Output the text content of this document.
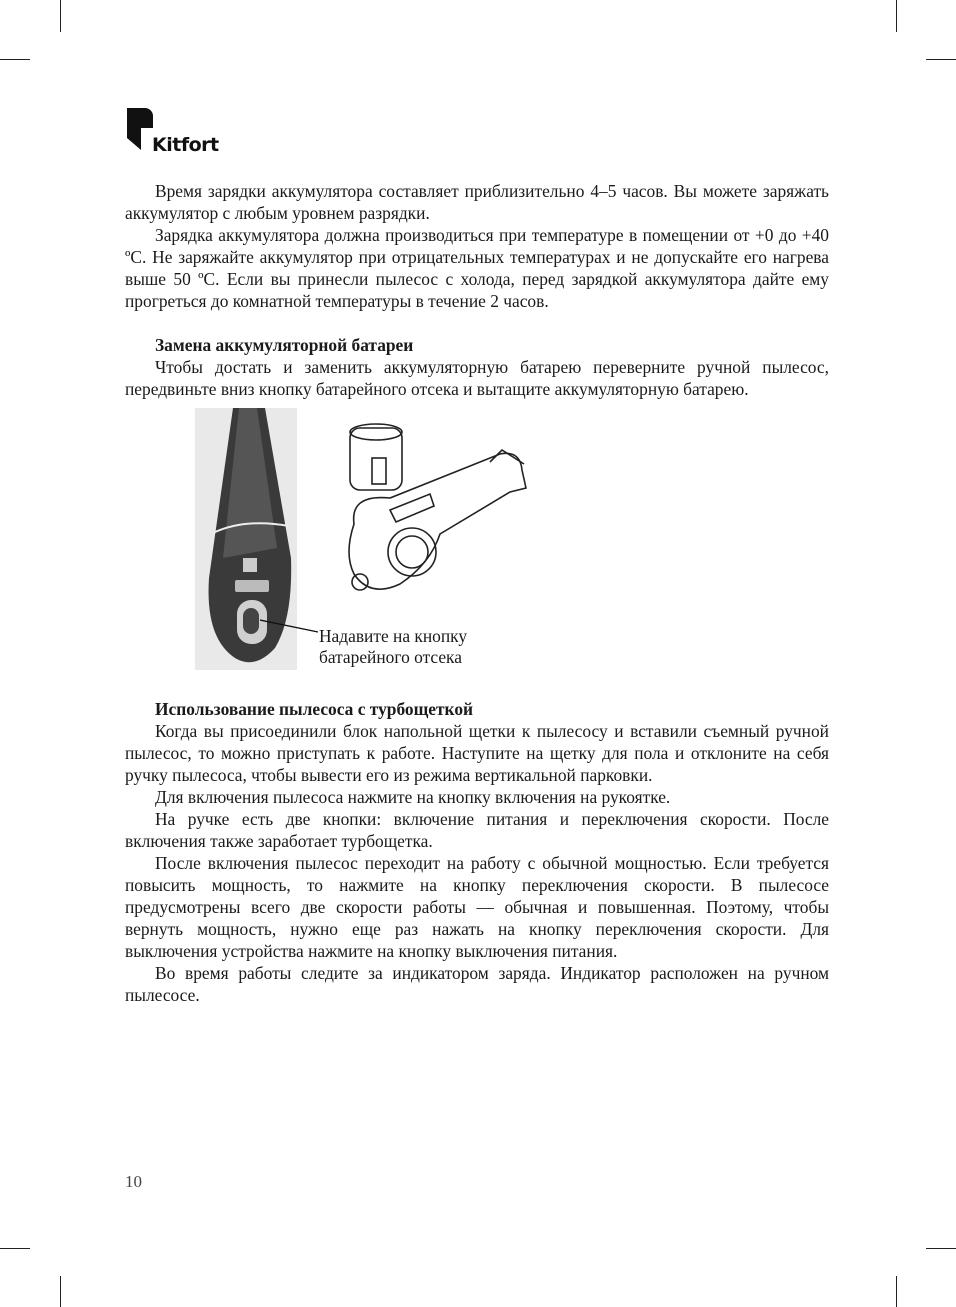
Kitfort

Время зарядки аккумулятора составляет приблизительно 4–5 часов. Вы можете заряжать аккумулятор с любым уровнем разрядки.

Зарядка аккумулятора должна производиться при температуре в помещении от +0 до +40 ºС. Не заряжайте аккумулятор при отрицательных температурах и не допускайте его нагрева выше 50 ºС. Если вы принесли пылесос с холода, перед зарядкой аккумулятора дайте ему прогреться до комнатной температуры в течение 2 часов.

Замена аккумуляторной батареи

Чтобы достать и заменить аккумуляторную батарею переверните ручной пылесос, передвиньте вниз кнопку батарейного отсека и вытащите аккумуляторную батарею.

Надавите на кнопку
батарейного отсека

Использование пылесоса с турбощеткой

Когда вы присоединили блок напольной щетки к пылесосу и вставили съемный ручной пылесос, то можно приступать к работе. Наступите на щетку для пола и отклоните на себя ручку пылесоса, чтобы вывести его из режима вертикальной парковки.

Для включения пылесоса нажмите на кнопку включения на рукоятке.

На ручке есть две кнопки: включение питания и переключения скорости. После включения также заработает турбощетка.

После включения пылесос переходит на работу с обычной мощностью. Если требуется повысить мощность, то нажмите на кнопку переключения скорости. В пылесосе предусмотрены всего две скорости работы — обычная и повышенная. Поэтому, чтобы вернуть мощность, нужно еще раз нажать на кнопку переключения скорости. Для выключения устройства нажмите на кнопку выключения питания.

Во время работы следите за индикатором заряда. Индикатор расположен на ручном пылесосе.

10
